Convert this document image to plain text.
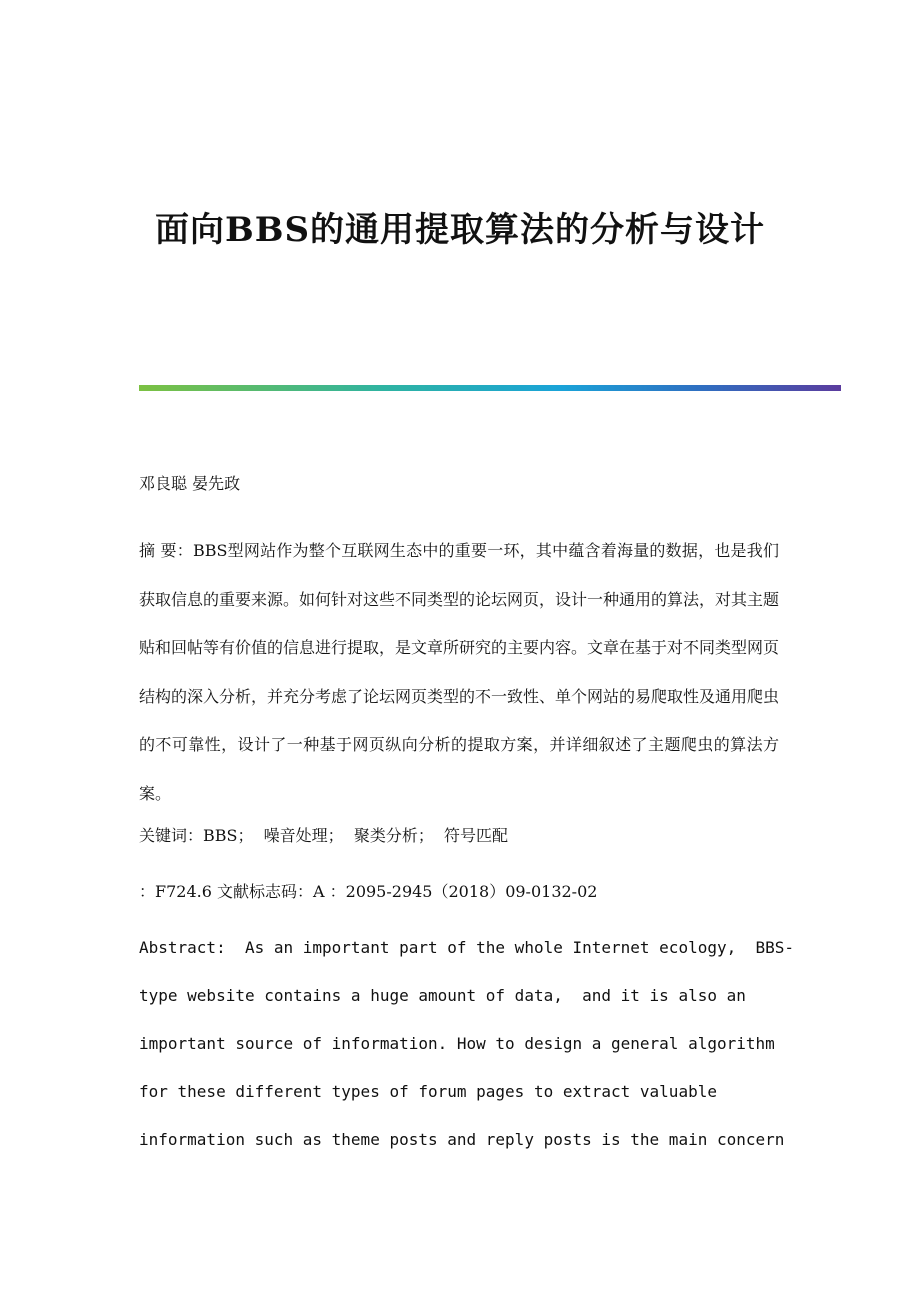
面向BBS的通用提取算法的分析与设计

邓良聪 晏先政

摘 要：BBS型网站作为整个互联网生态中的重要一环，其中蕴含着海量的数据，也是我们获取信息的重要来源。如何针对这些不同类型的论坛网页，设计一种通用的算法，对其主题贴和回帖等有价值的信息进行提取，是文章所研究的主要内容。文章在基于对不同类型网页结构的深入分析，并充分考虑了论坛网页类型的不一致性、单个网站的易爬取性及通用爬虫的不可靠性，设计了一种基于网页纵向分析的提取方案，并详细叙述了主题爬虫的算法方案。

关键词：BBS；  噪音处理；  聚类分析；  符号匹配

：F724.6 文献标志码：A ：2095-2945（2018）09-0132-02

Abstract:  As an important part of the whole Internet ecology,  BBS-
type website contains a huge amount of data,  and it is also an
important source of information. How to design a general algorithm
for these different types of forum pages to extract valuable
information such as theme posts and reply posts is the main concern
